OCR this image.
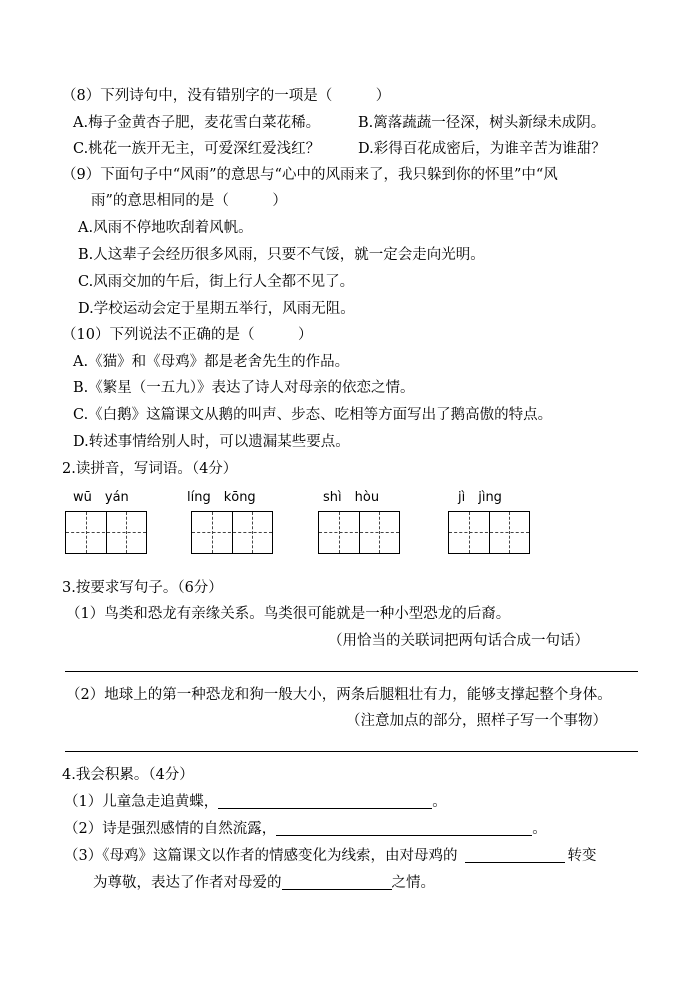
（8）下列诗句中，没有错别字的一项是（　　　）
A.梅子金黄杏子肥，麦花雪白菜花稀。	B.篱落蔬蔬一径深，树头新绿未成阴。
C.桃花一族开无主，可爱深红爱浅红？	D.彩得百花成密后，为谁辛苦为谁甜？
（9）下面句子中“风雨”的意思与“心中的风雨来了，我只躲到你的怀里”中“风
雨”的意思相同的是（　　　）
A.风雨不停地吹刮着风帆。
B.人这辈子会经历很多风雨，只要不气馁，就一定会走向光明。
C.风雨交加的午后，街上行人全都不见了。
D.学校运动会定于星期五举行，风雨无阻。
（10）下列说法不正确的是（　　　）
A.《猫》和《母鸡》都是老舍先生的作品。
B.《繁星（一五九）》表达了诗人对母亲的依恋之情。
C.《白鹅》这篇课文从鹅的叫声、步态、吃相等方面写出了鹅高傲的特点。
D.转述事情给别人时，可以遗漏某些要点。
2.读拼音，写词语。（4分）
wū　yán	líng　kōng	shì　hòu	jì　jìng
3.按要求写句子。（6分）
（1）鸟类和恐龙有亲缘关系。鸟类很可能就是一种小型恐龙的后裔。
（用恰当的关联词把两句话合成一句话）
（2）地球上的第一种恐龙和狗一般大小，两条后腿粗壮有力，能够支撑起整个身体。
（注意加点的部分，照样子写一个事物）
4.我会积累。（4分）
（1）儿童急走追黄蝶，	。
（2）诗是强烈感情的自然流露，	。
（3）《母鸡》这篇课文以作者的情感变化为线索，由对母鸡的	转变
为尊敬，表达了作者对母爱的	之情。
